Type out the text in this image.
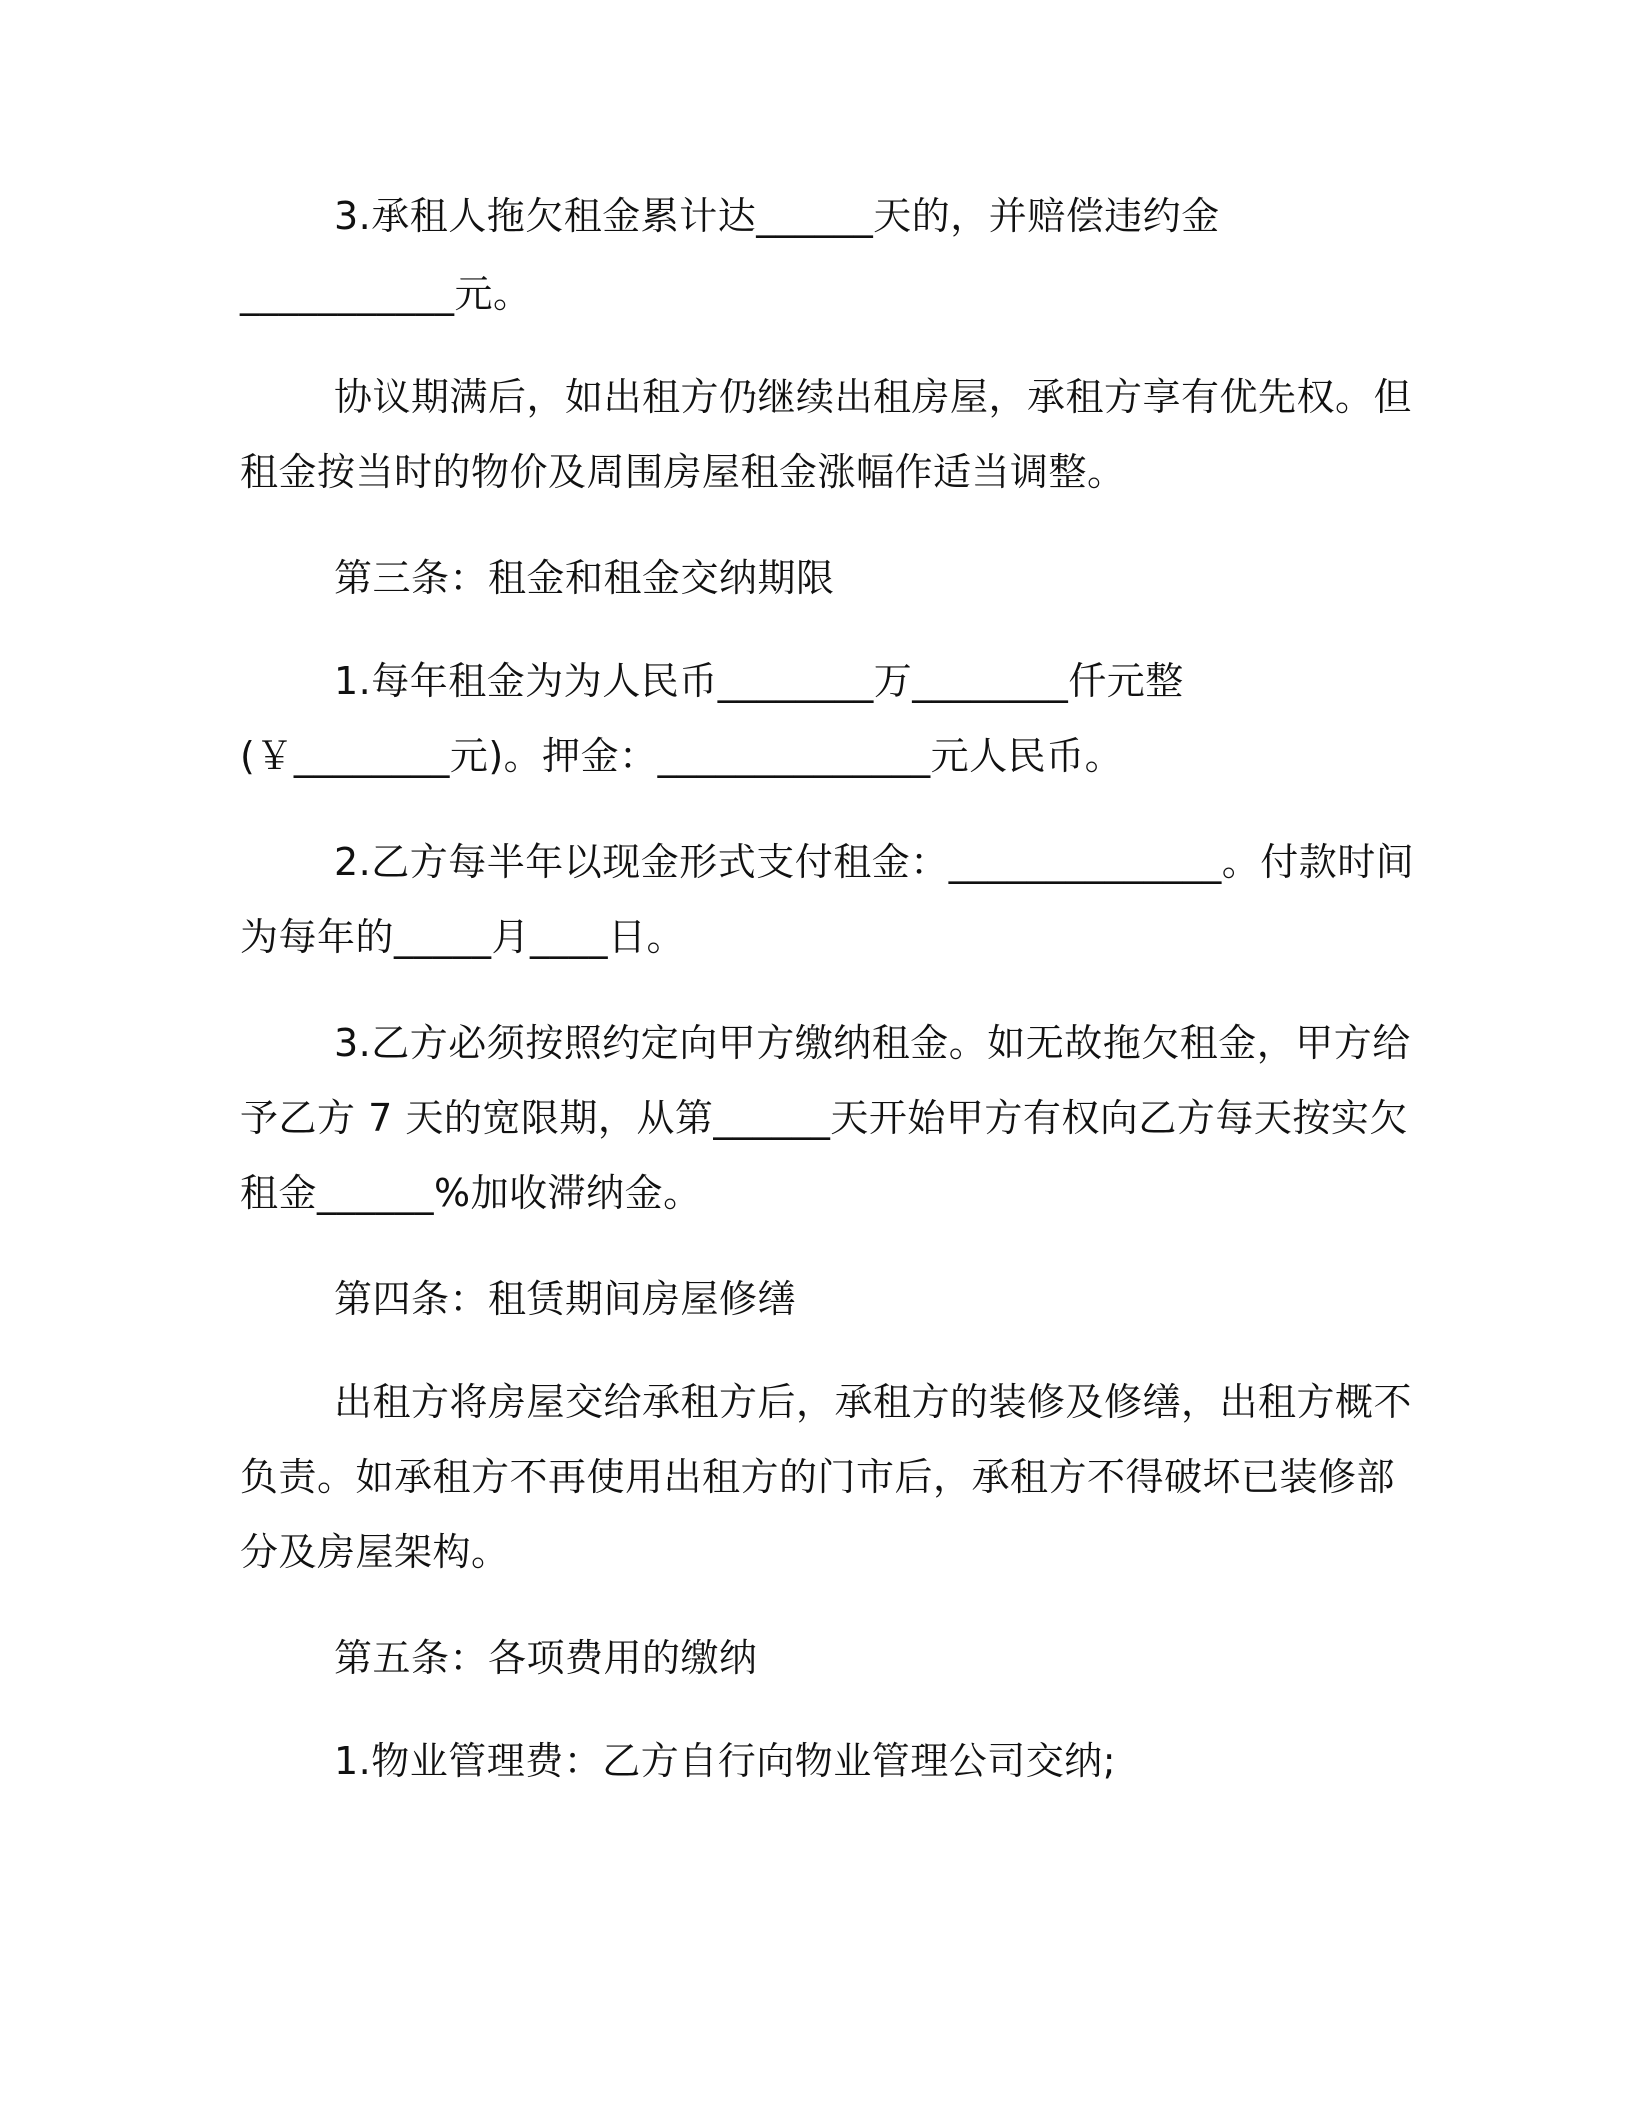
3.承租人拖欠租金累计达______天的，并赔偿违约金

___________元。

协议期满后，如出租方仍继续出租房屋，承租方享有优先权。但

租金按当时的物价及周围房屋租金涨幅作适当调整。

第三条：租金和租金交纳期限

1.每年租金为为人民币________万________仟元整

(￥________元)。押金：______________元人民币。

2.乙方每半年以现金形式支付租金：______________。付款时间

为每年的_____月____日。

3.乙方必须按照约定向甲方缴纳租金。如无故拖欠租金，甲方给

予乙方 7 天的宽限期，从第______天开始甲方有权向乙方每天按实欠

租金______%加收滞纳金。

第四条：租赁期间房屋修缮

出租方将房屋交给承租方后，承租方的装修及修缮，出租方概不

负责。如承租方不再使用出租方的门市后，承租方不得破坏已装修部

分及房屋架构。

第五条：各项费用的缴纳

1.物业管理费：乙方自行向物业管理公司交纳;
